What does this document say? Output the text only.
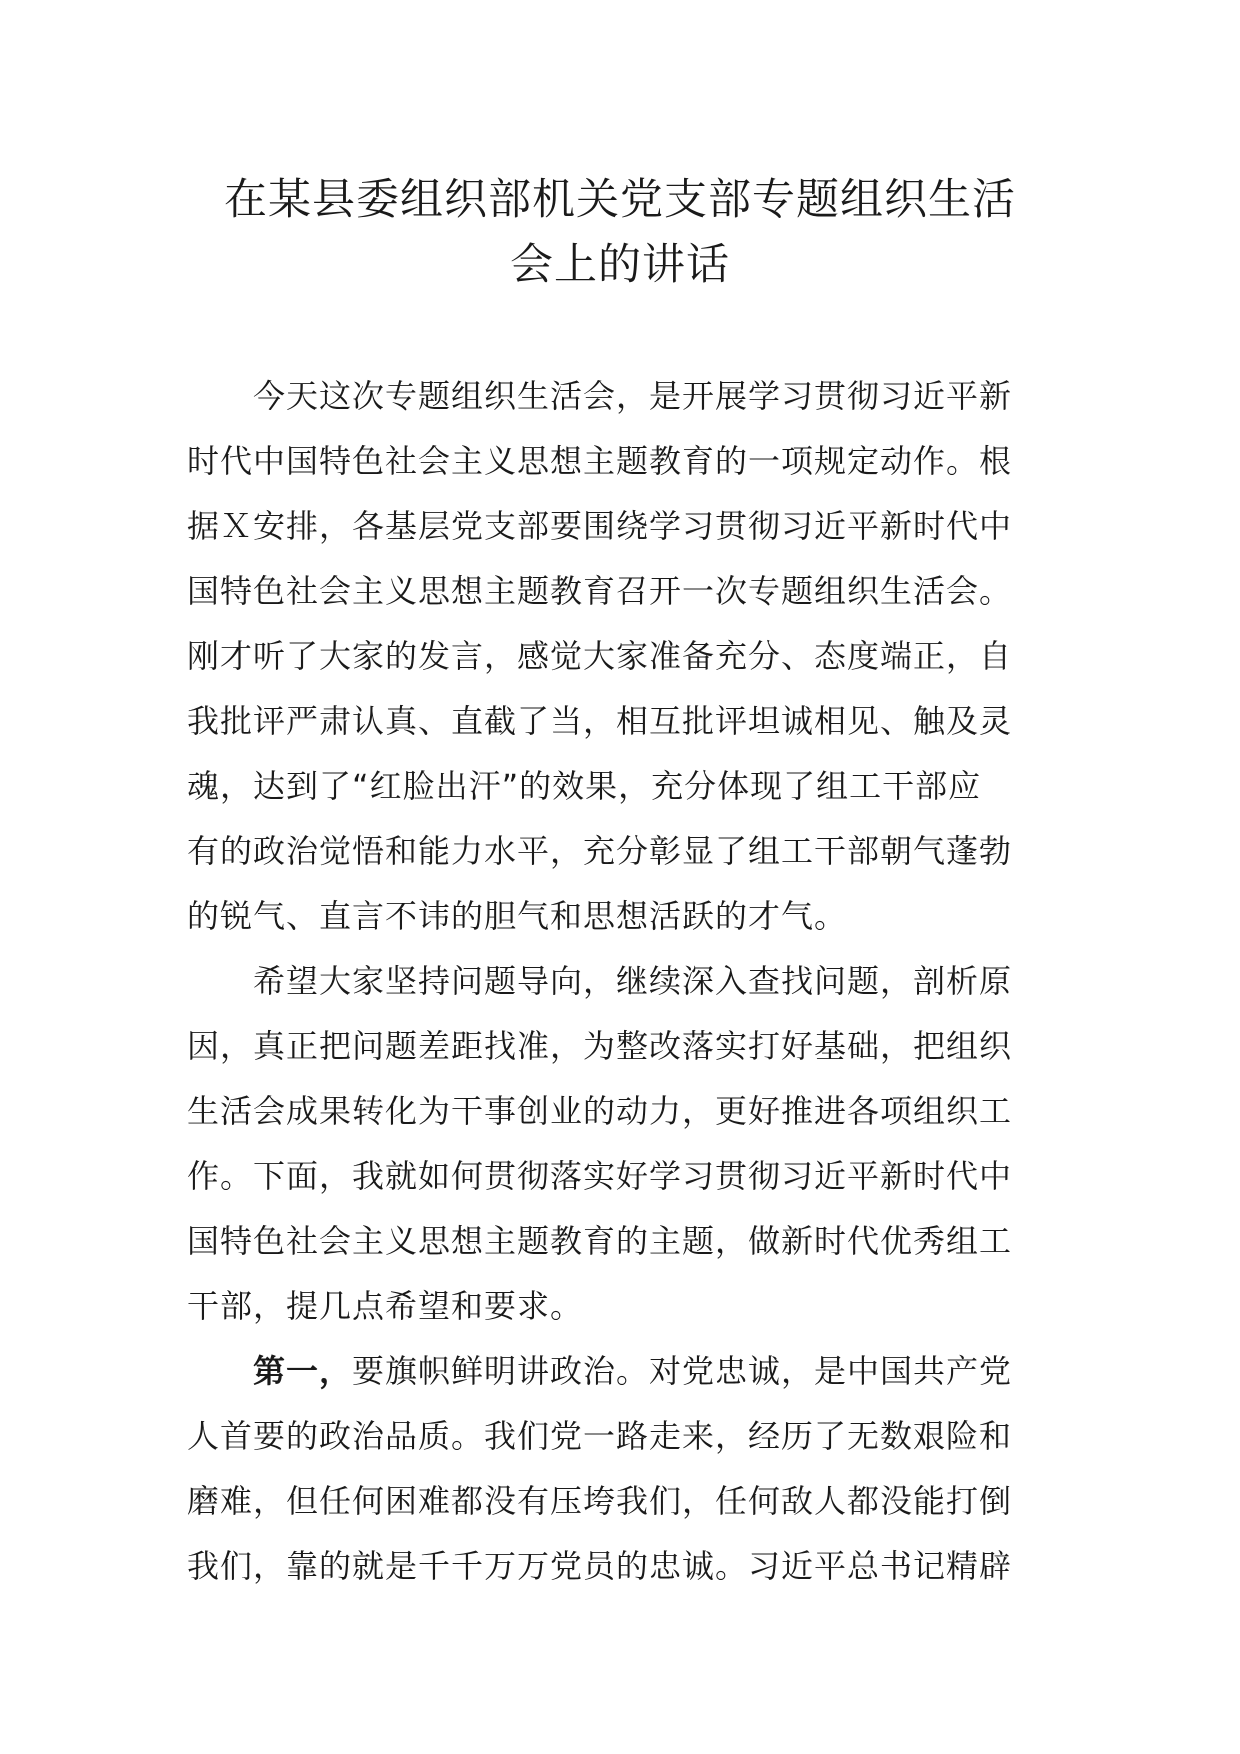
在某县委组织部机关党支部专题组织生活
会上的讲话
今天这次专题组织生活会，是开展学习贯彻习近平新
时代中国特色社会主义思想主题教育的一项规定动作。根
据Ｘ安排，各基层党支部要围绕学习贯彻习近平新时代中
国特色社会主义思想主题教育召开一次专题组织生活会。
刚才听了大家的发言，感觉大家准备充分、态度端正，自
我批评严肃认真、直截了当，相互批评坦诚相见、触及灵
魂，达到了“红脸出汗”的效果，充分体现了组工干部应
有的政治觉悟和能力水平，充分彰显了组工干部朝气蓬勃
的锐气、直言不讳的胆气和思想活跃的才气。
希望大家坚持问题导向，继续深入查找问题，剖析原
因，真正把问题差距找准，为整改落实打好基础，把组织
生活会成果转化为干事创业的动力，更好推进各项组织工
作。下面，我就如何贯彻落实好学习贯彻习近平新时代中
国特色社会主义思想主题教育的主题，做新时代优秀组工
干部，提几点希望和要求。
第一，要旗帜鲜明讲政治。对党忠诚，是中国共产党
人首要的政治品质。我们党一路走来，经历了无数艰险和
磨难，但任何困难都没有压垮我们，任何敌人都没能打倒
我们，靠的就是千千万万党员的忠诚。习近平总书记精辟
